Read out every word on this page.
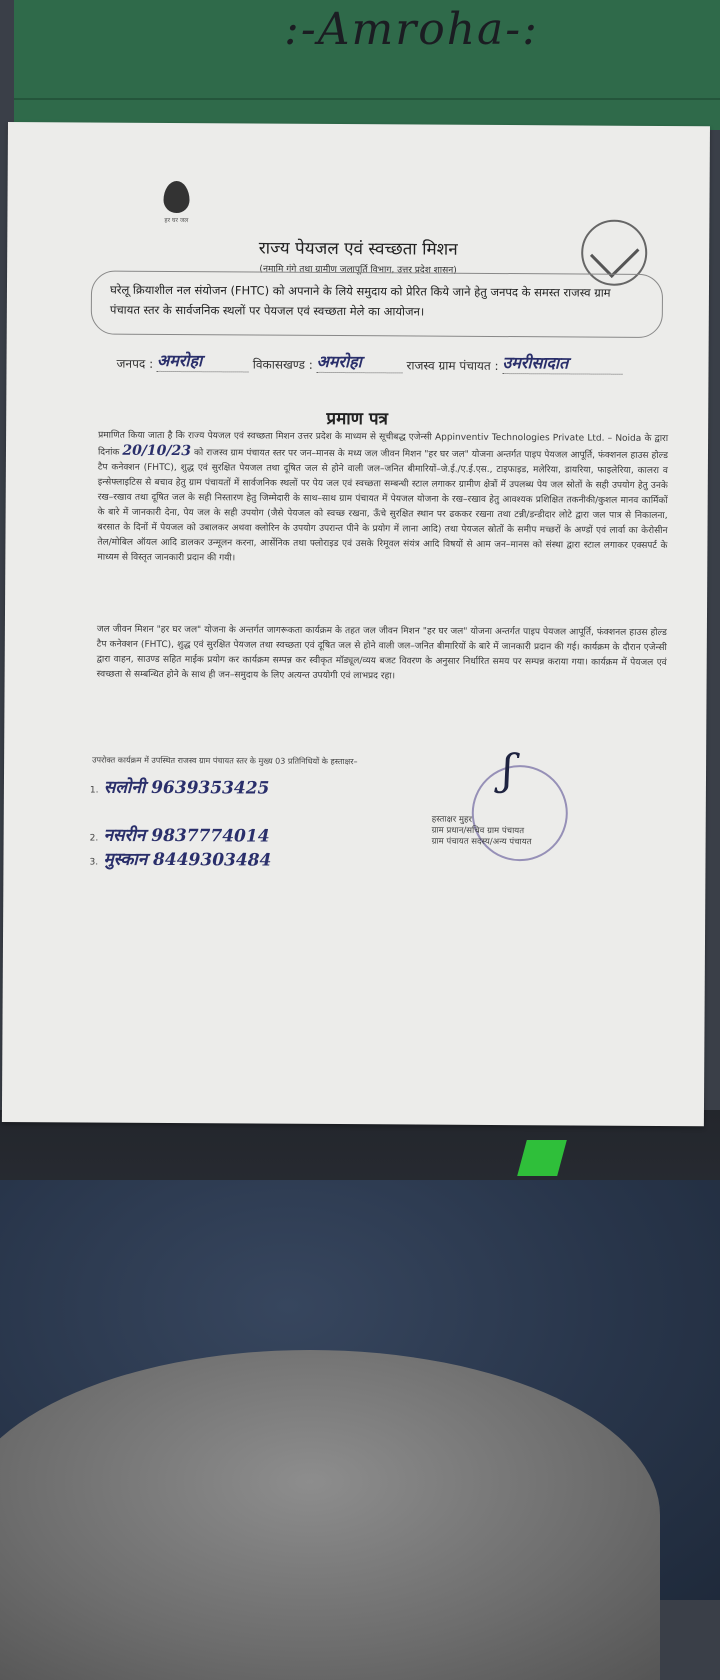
:-Amroha-:
हर घर जल
राज्य पेयजल एवं स्वच्छता मिशन
(नमामि गंगे तथा ग्रामीण जलापूर्ति विभाग, उत्तर प्रदेश शासन)
घरेलू क्रियाशील नल संयोजन (FHTC) को अपनाने के लिये समुदाय को प्रेरित किये जाने हेतु जनपद के समस्त राजस्व ग्राम पंचायत स्तर के सार्वजनिक स्थलों पर पेयजल एवं स्वच्छता मेले का आयोजन।
जनपद : अमरोहा	विकासखण्ड : अमरोहा	राजस्व ग्राम पंचायत : उमरीसादात
प्रमाण पत्र
प्रमाणित किया जाता है कि राज्य पेयजल एवं स्वच्छता मिशन उत्तर प्रदेश के माध्यम से सूचीबद्ध एजेन्सी Appinventiv Technologies Private Ltd. – Noida के द्वारा दिनांक 20/10/23 को राजस्व ग्राम पंचायत स्तर पर जन–मानस के मध्य जल जीवन मिशन "हर घर जल" योजना अन्तर्गत पाइप पेयजल आपूर्ति, फंक्शनल हाउस होल्ड टैप कनेक्शन (FHTC), शुद्ध एवं सुरक्षित पेयजल तथा दूषित जल से होने वाली जल–जनित बीमारियों–जे.ई./ए.ई.एस., टाइफाइड, मलेरिया, डायरिया, फाइलेरिया, कालरा व इन्सेफ्लाइटिस से बचाव हेतु ग्राम पंचायतों में सार्वजनिक स्थलों पर पेय जल एवं स्वच्छता सम्बन्धी स्टाल लगाकर ग्रामीण क्षेत्रों में उपलब्ध पेय जल स्रोतों के सही उपयोग हेतु उनके रख–रखाव तथा दूषित जल के सही निस्तारण हेतु जिम्मेदारी के साथ–साथ ग्राम पंचायत में पेयजल योजना के रख–रखाव हेतु आवश्यक प्रशिक्षित तकनीकी/कुशल मानव कार्मिकों के बारे में जानकारी देना, पेय जल के सही उपयोग (जैसे पेयजल को स्वच्छ रखना, ऊँचे सुरक्षित स्थान पर ढककर रखना तथा टन्नी/डन्डीदार लोटे द्वारा जल पात्र से निकालना, बरसात के दिनों में पेयजल को उबालकर अथवा क्लोरिन के उपयोग उपरान्त पीने के प्रयोग में लाना आदि) तथा पेयजल स्रोतों के समीप मच्छरों के अण्डों एवं लार्वा का केरोसीन तेल/मोबिल ऑयल आदि डालकर उन्मूलन करना, आर्सेनिक तथा फ्लोराइड एवं उसके रिमूवल संयंत्र आदि विषयों से आम जन–मानस को संस्था द्वारा स्टाल लगाकर एक्सपर्ट के माध्यम से विस्तृत जानकारी प्रदान की गयी।
जल जीवन मिशन "हर घर जल" योजना के अन्तर्गत जागरूकता कार्यक्रम के तहत जल जीवन मिशन "हर घर जल" योजना अन्तर्गत पाइप पेयजल आपूर्ति, फंक्शनल हाउस होल्ड टैप कनेक्शन (FHTC), शुद्ध एवं सुरक्षित पेयजल तथा स्वच्छता एवं दूषित जल से होने वाली जल–जनित बीमारियों के बारे में जानकारी प्रदान की गई। कार्यक्रम के दौरान एजेन्सी द्वारा वाहन, साउण्ड सहित माईक प्रयोग कर कार्यक्रम सम्पन्न कर स्वीकृत मॉड्यूल/व्यय बजट विवरण के अनुसार निर्धारित समय पर सम्पन्न कराया गया। कार्यक्रम में पेयजल एवं स्वच्छता से सम्बन्धित होने के साथ ही जन–समुदाय के लिए अत्यन्त उपयोगी एवं लाभप्रद रहा।
उपरोक्त कार्यक्रम में उपस्थित राजस्व ग्राम पंचायत स्तर के मुख्य 03 प्रतिनिधियों के हस्ताक्षर–
1. सलोनी 9639353425
2. नसरीन 9837774014
3. मुस्कान 8449303484
ʃ
हस्ताक्षर मुहर
ग्राम प्रधान/सचिव ग्राम पंचायत
ग्राम पंचायत सदस्य/अन्य पंचायत
